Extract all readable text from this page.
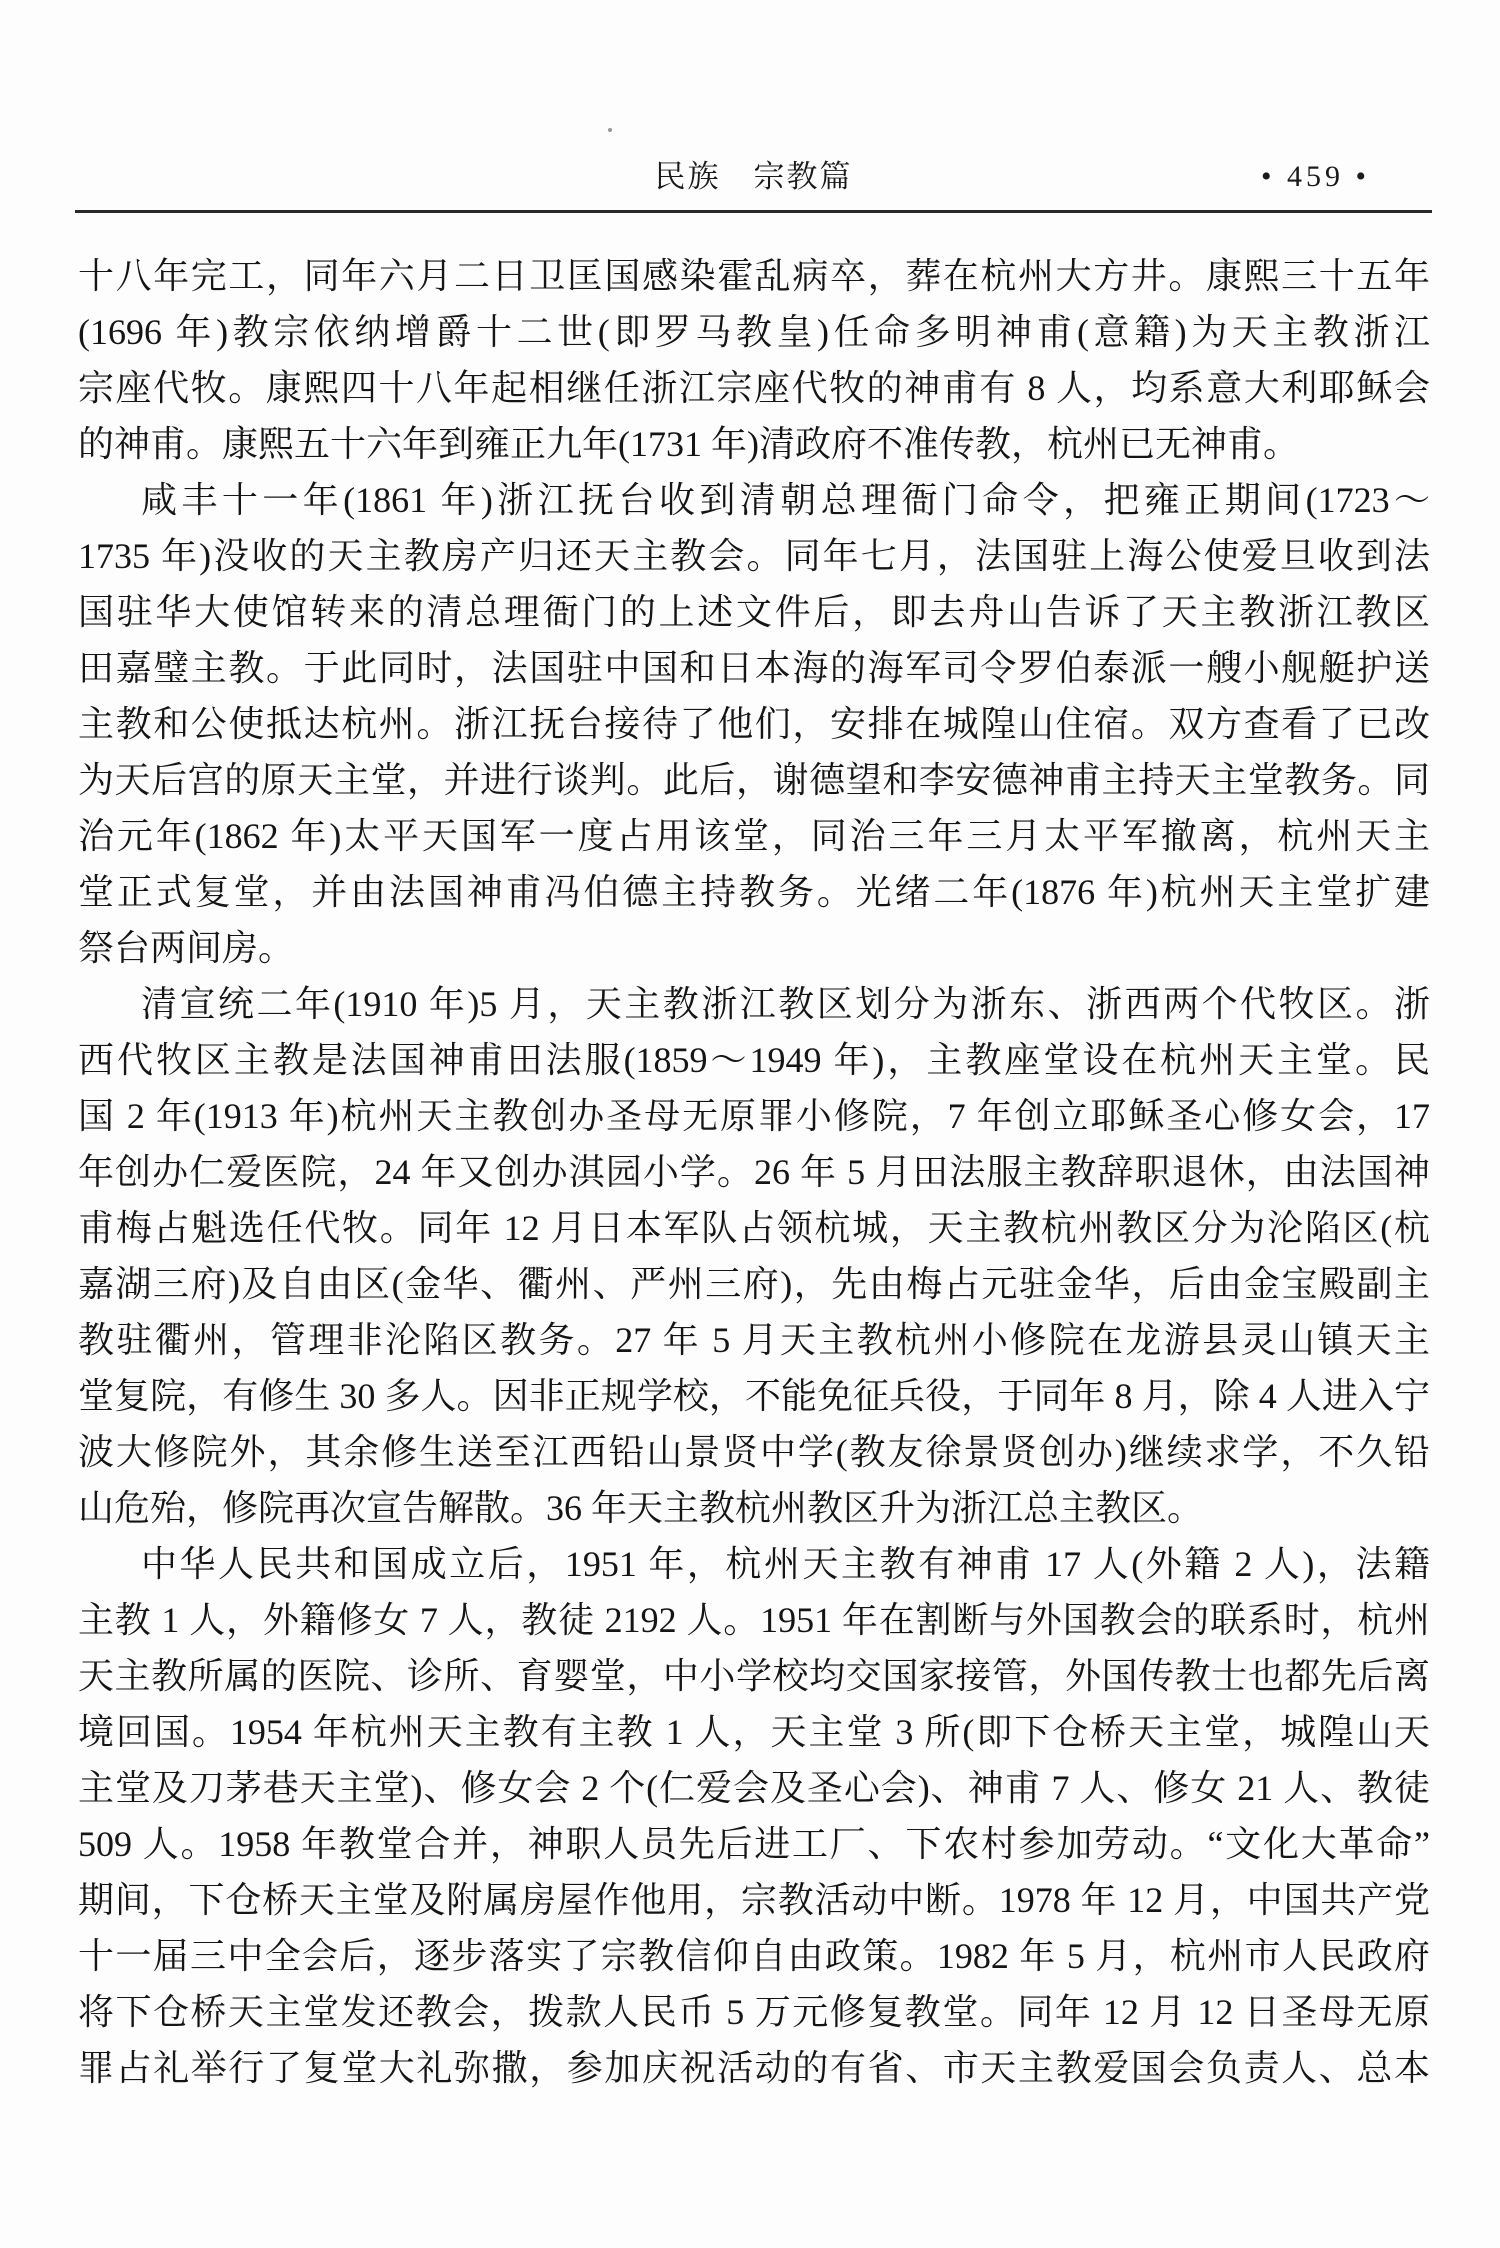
民族　宗教篇	• 459 •
十八年完工，同年六月二日卫匡国感染霍乱病卒，葬在杭州大方井。康熙三十五年
(1696 年)教宗依纳增爵十二世(即罗马教皇)任命多明神甫(意籍)为天主教浙江
宗座代牧。康熙四十八年起相继任浙江宗座代牧的神甫有 8 人，均系意大利耶稣会
的神甫。康熙五十六年到雍正九年(1731 年)清政府不准传教，杭州已无神甫。
咸丰十一年(1861 年)浙江抚台收到清朝总理衙门命令，把雍正期间(1723～
1735 年)没收的天主教房产归还天主教会。同年七月，法国驻上海公使爱旦收到法
国驻华大使馆转来的清总理衙门的上述文件后，即去舟山告诉了天主教浙江教区
田嘉璧主教。于此同时，法国驻中国和日本海的海军司令罗伯泰派一艘小舰艇护送
主教和公使抵达杭州。浙江抚台接待了他们，安排在城隍山住宿。双方查看了已改
为天后宫的原天主堂，并进行谈判。此后，谢德望和李安德神甫主持天主堂教务。同
治元年(1862 年)太平天国军一度占用该堂，同治三年三月太平军撤离，杭州天主
堂正式复堂，并由法国神甫冯伯德主持教务。光绪二年(1876 年)杭州天主堂扩建
祭台两间房。
清宣统二年(1910 年)5 月，天主教浙江教区划分为浙东、浙西两个代牧区。浙
西代牧区主教是法国神甫田法服(1859～1949 年)，主教座堂设在杭州天主堂。民
国 2 年(1913 年)杭州天主教创办圣母无原罪小修院，7 年创立耶稣圣心修女会，17
年创办仁爱医院，24 年又创办淇园小学。26 年 5 月田法服主教辞职退休，由法国神
甫梅占魁选任代牧。同年 12 月日本军队占领杭城，天主教杭州教区分为沦陷区(杭
嘉湖三府)及自由区(金华、衢州、严州三府)，先由梅占元驻金华，后由金宝殿副主
教驻衢州，管理非沦陷区教务。27 年 5 月天主教杭州小修院在龙游县灵山镇天主
堂复院，有修生 30 多人。因非正规学校，不能免征兵役，于同年 8 月，除 4 人进入宁
波大修院外，其余修生送至江西铅山景贤中学(教友徐景贤创办)继续求学，不久铅
山危殆，修院再次宣告解散。36 年天主教杭州教区升为浙江总主教区。
中华人民共和国成立后，1951 年，杭州天主教有神甫 17 人(外籍 2 人)，法籍
主教 1 人，外籍修女 7 人，教徒 2192 人。1951 年在割断与外国教会的联系时，杭州
天主教所属的医院、诊所、育婴堂，中小学校均交国家接管，外国传教士也都先后离
境回国。1954 年杭州天主教有主教 1 人，天主堂 3 所(即下仓桥天主堂，城隍山天
主堂及刀茅巷天主堂)、修女会 2 个(仁爱会及圣心会)、神甫 7 人、修女 21 人、教徒
509 人。1958 年教堂合并，神职人员先后进工厂、下农村参加劳动。“文化大革命”
期间，下仓桥天主堂及附属房屋作他用，宗教活动中断。1978 年 12 月，中国共产党
十一届三中全会后，逐步落实了宗教信仰自由政策。1982 年 5 月，杭州市人民政府
将下仓桥天主堂发还教会，拨款人民币 5 万元修复教堂。同年 12 月 12 日圣母无原
罪占礼举行了复堂大礼弥撒，参加庆祝活动的有省、市天主教爱国会负责人、总本
